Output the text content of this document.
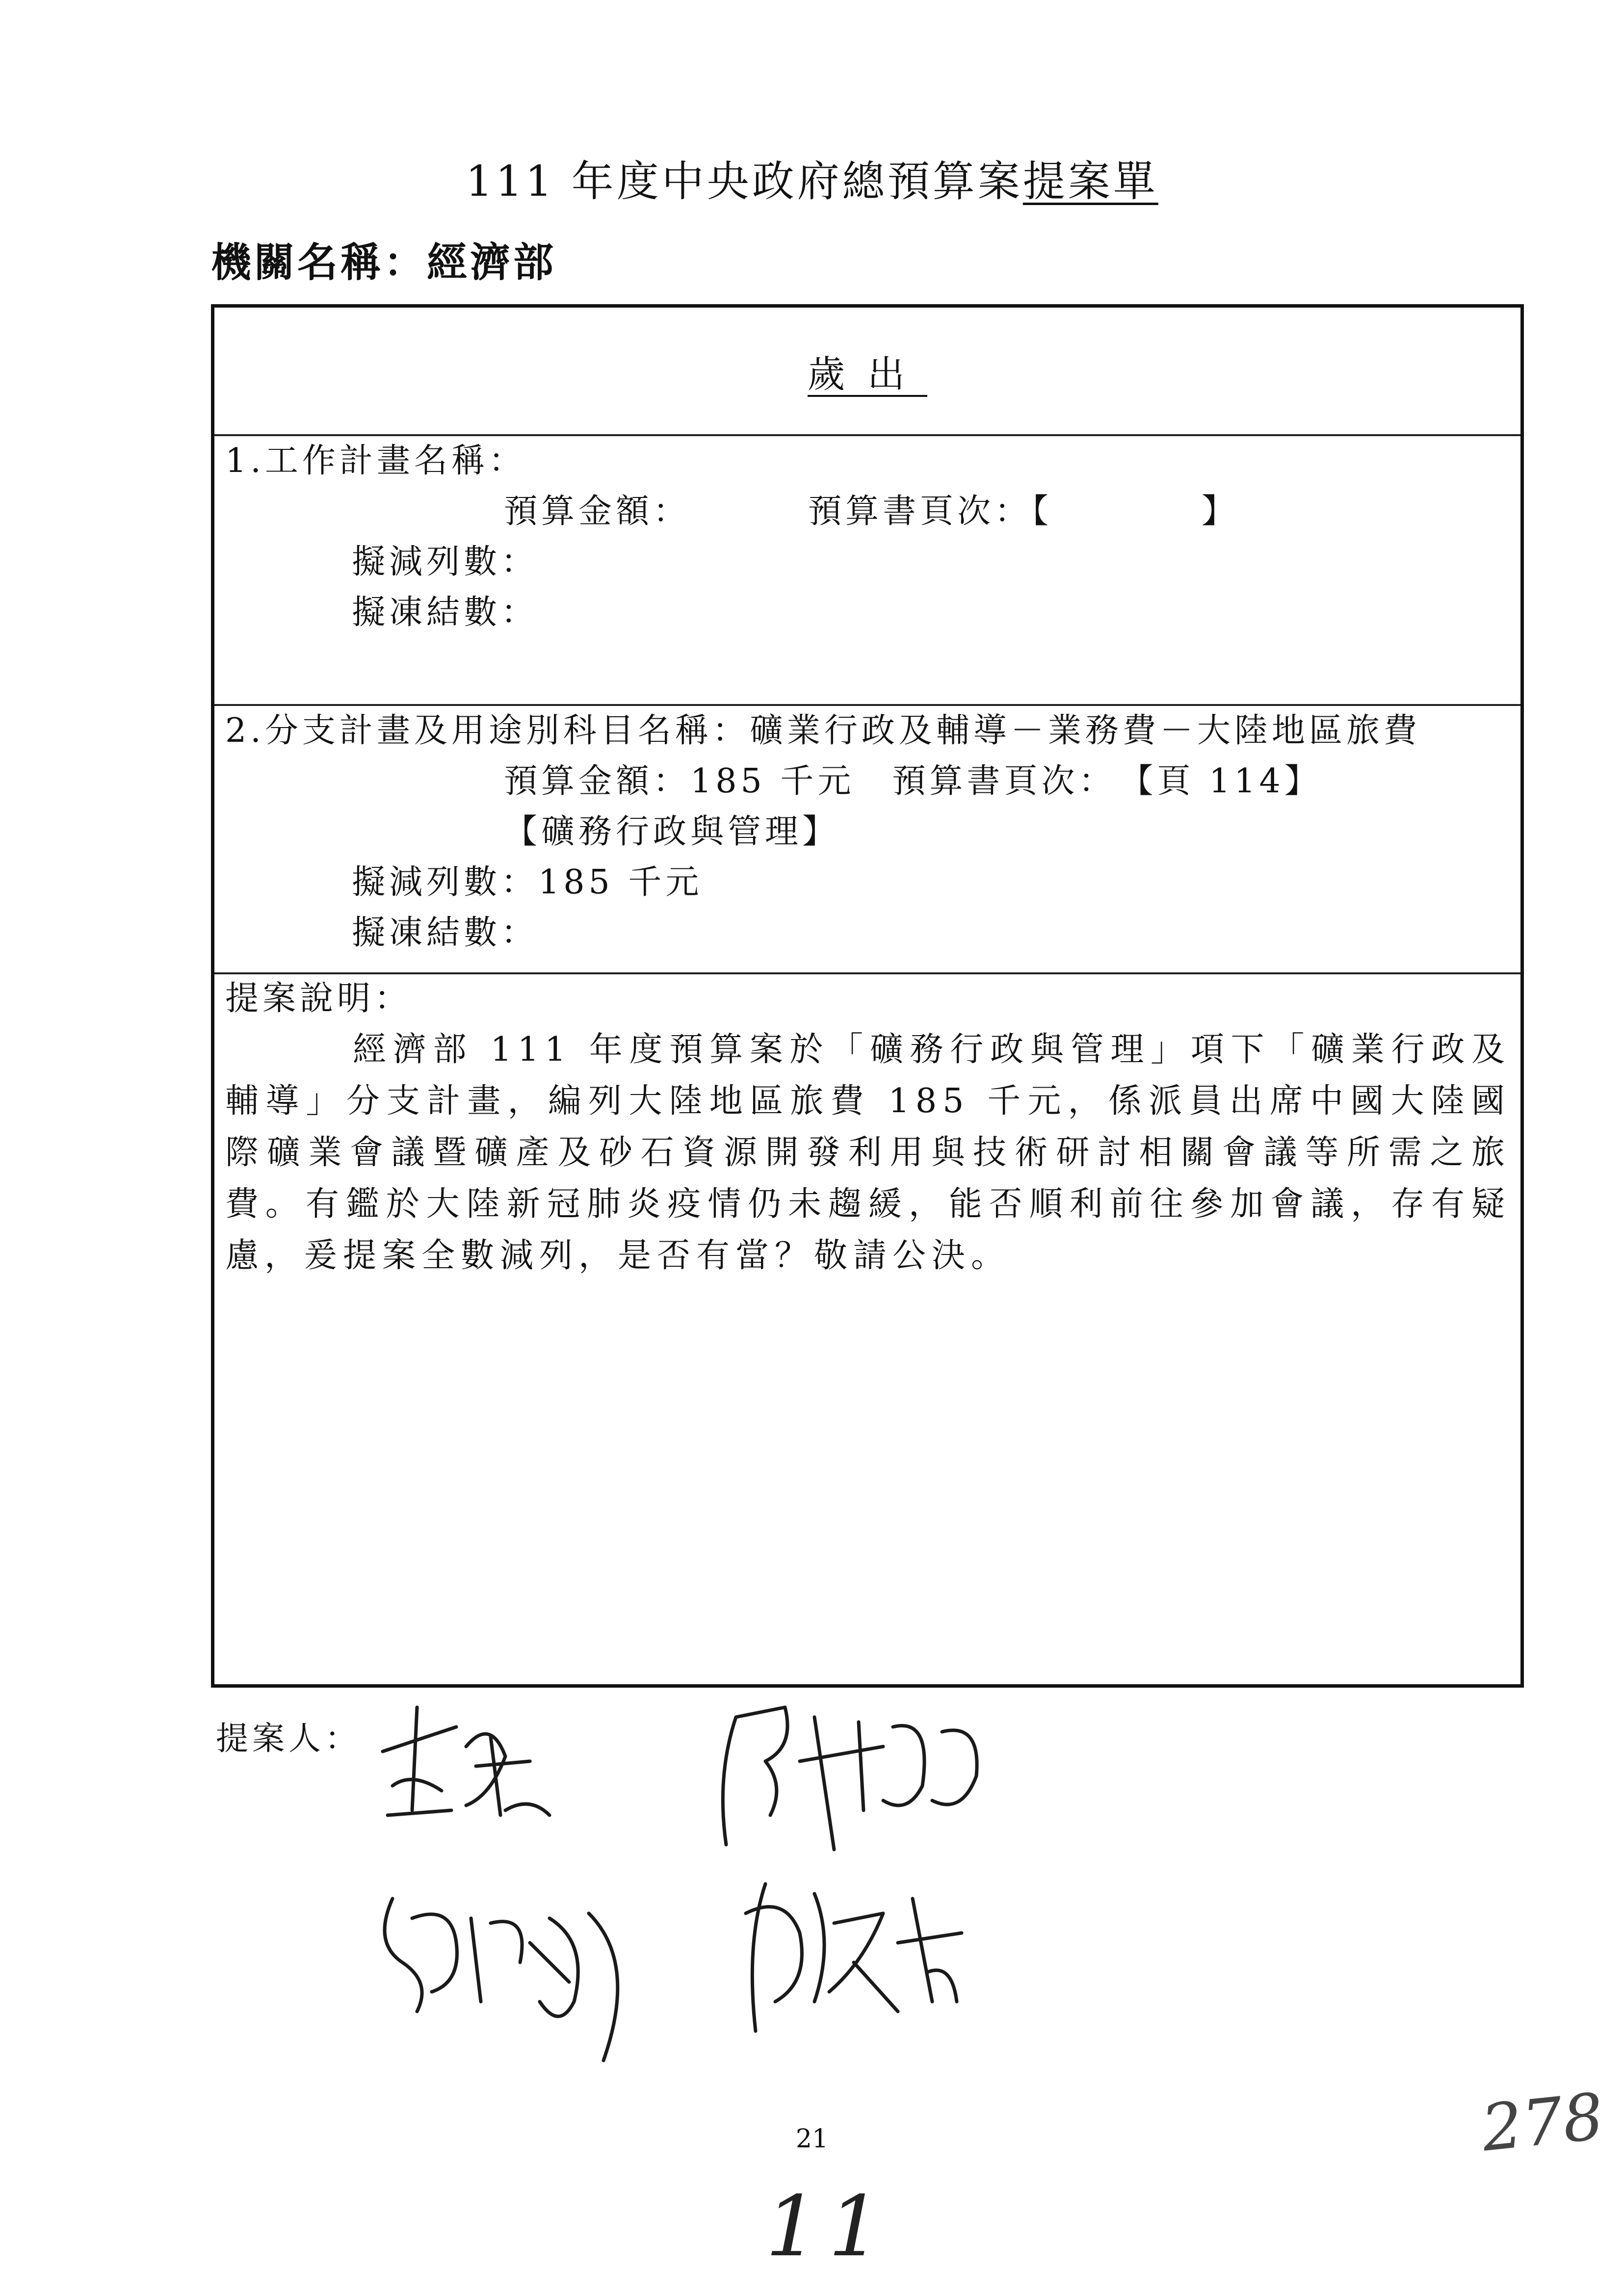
111 年度中央政府總預算案提案單
機關名稱：經濟部
歲出
1.工作計畫名稱：
預算金額：	預算書頁次：【　　　　】
擬減列數：
擬凍結數：
2.分支計畫及用途別科目名稱：礦業行政及輔導－業務費－大陸地區旅費
預算金額：185 千元　預算書頁次：　【頁 114】
【礦務行政與管理】
擬減列數：185 千元
擬凍結數：
提案說明：
經濟部 111 年度預算案於「礦務行政與管理」項下「礦業行政及輔導」分支計畫，編列大陸地區旅費 185 千元，係派員出席中國大陸國際礦業會議暨礦產及砂石資源開發利用與技術研討相關會議等所需之旅費。有鑑於大陸新冠肺炎疫情仍未趨緩，能否順利前往參加會議，存有疑慮，爰提案全數減列，是否有當？敬請公決。
提案人：
21
11
278
